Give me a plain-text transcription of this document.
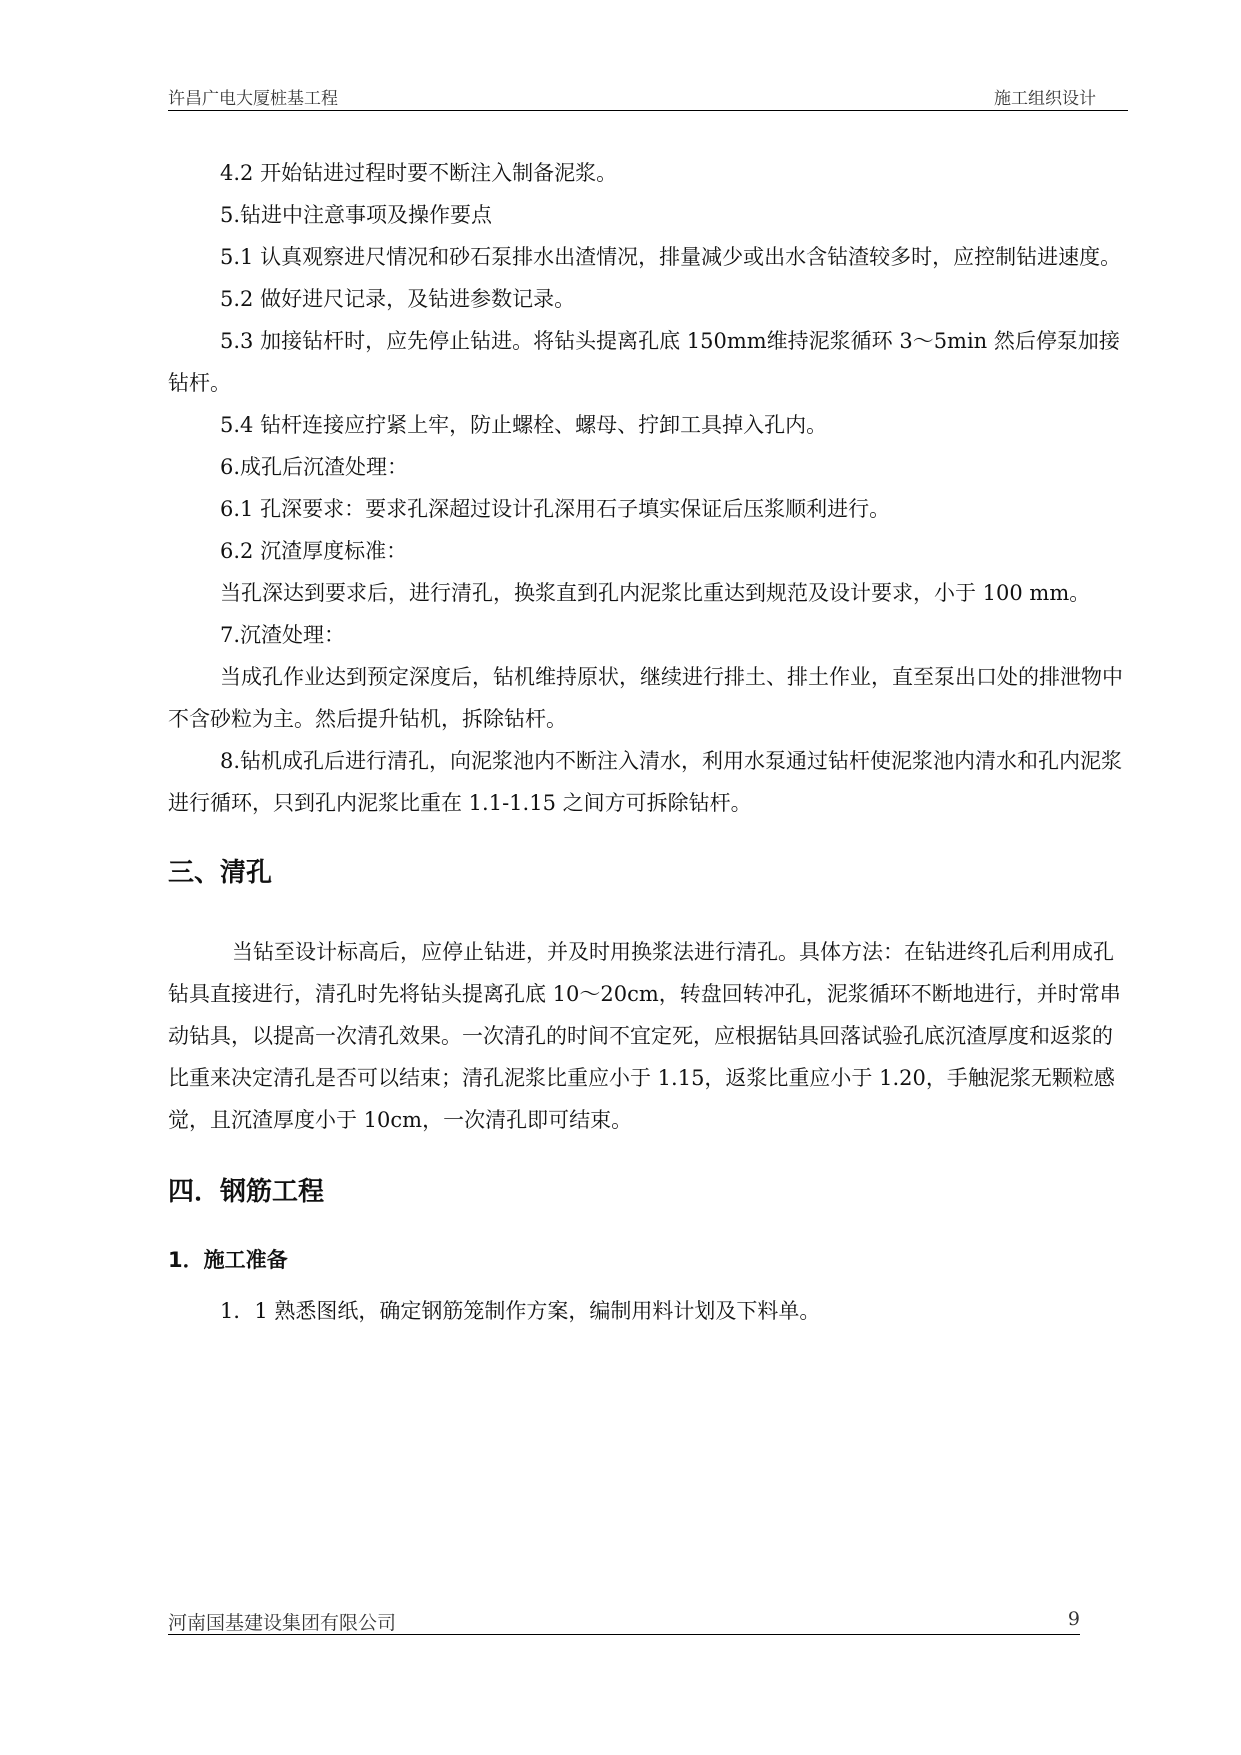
许昌广电大厦桩基工程	施工组织设计

4.2 开始钻进过程时要不断注入制备泥浆。

5.钻进中注意事项及操作要点

5.1 认真观察进尺情况和砂石泵排水出渣情况，排量减少或出水含钻渣较多时，应控制钻进速度。

5.2 做好进尺记录，及钻进参数记录。

5.3 加接钻杆时，应先停止钻进。将钻头提离孔底 150mm维持泥浆循环 3～5min 然后停泵加接钻杆。

5.4 钻杆连接应拧紧上牢，防止螺栓、螺母、拧卸工具掉入孔内。

6.成孔后沉渣处理：

6.1 孔深要求：要求孔深超过设计孔深用石子填实保证后压浆顺利进行。

6.2 沉渣厚度标准：

当孔深达到要求后，进行清孔，换浆直到孔内泥浆比重达到规范及设计要求，小于 100 mm。

7.沉渣处理：

当成孔作业达到预定深度后，钻机维持原状，继续进行排土、排土作业，直至泵出口处的排泄物中不含砂粒为主。然后提升钻机，拆除钻杆。

8.钻机成孔后进行清孔，向泥浆池内不断注入清水，利用水泵通过钻杆使泥浆池内清水和孔内泥浆进行循环，只到孔内泥浆比重在 1.1-1.15 之间方可拆除钻杆。

三、清孔

当钻至设计标高后，应停止钻进，并及时用换浆法进行清孔。具体方法：在钻进终孔后利用成孔钻具直接进行，清孔时先将钻头提离孔底 10～20cm，转盘回转冲孔，泥浆循环不断地进行，并时常串动钻具，以提高一次清孔效果。一次清孔的时间不宜定死，应根据钻具回落试验孔底沉渣厚度和返浆的比重来决定清孔是否可以结束；清孔泥浆比重应小于 1.15，返浆比重应小于 1.20，手触泥浆无颗粒感觉，且沉渣厚度小于 10cm，一次清孔即可结束。

四．钢筋工程
1．施工准备

1．1 熟悉图纸，确定钢筋笼制作方案，编制用料计划及下料单。

河南国基建设集团有限公司	9
